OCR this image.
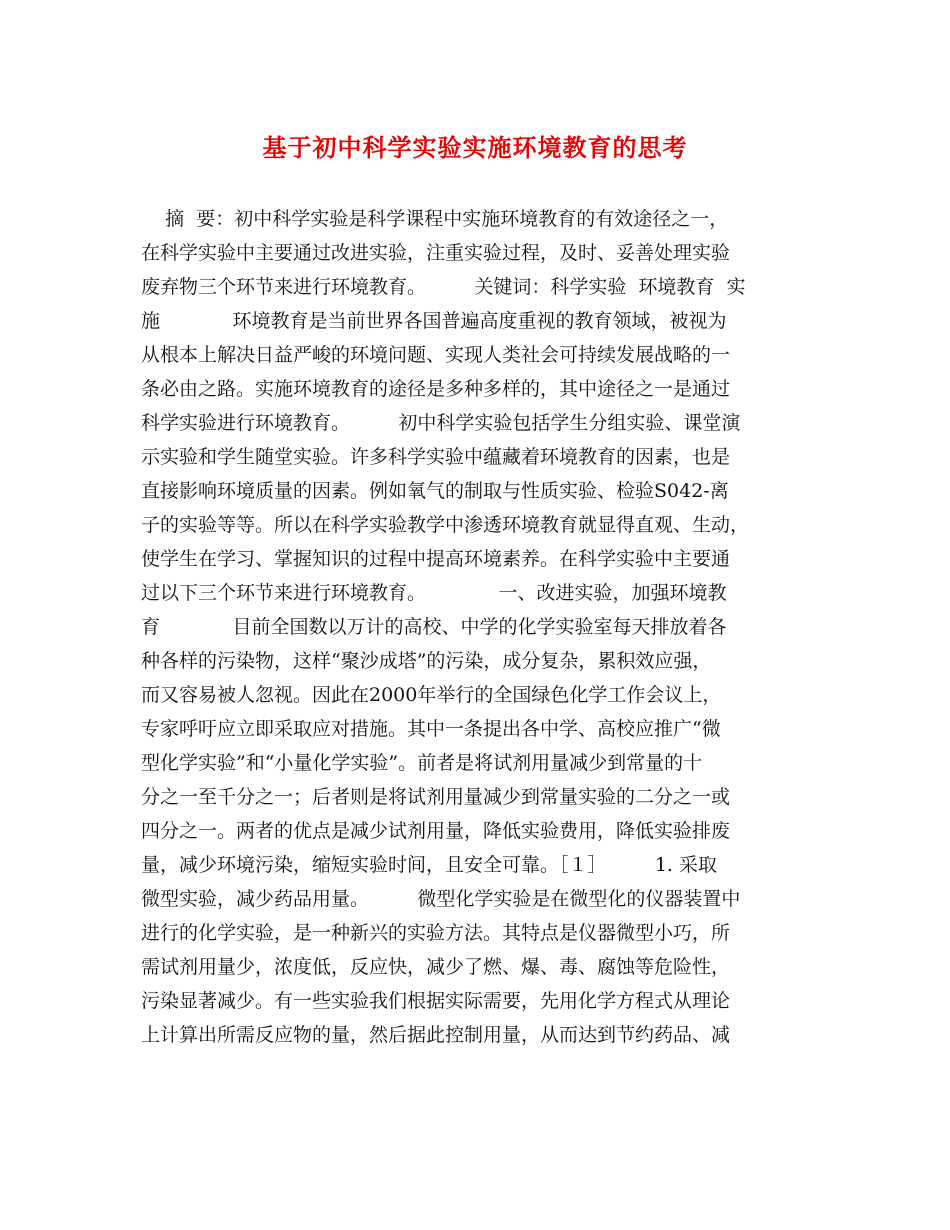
基于初中科学实验实施环境教育的思考
摘  要：初中科学实验是科学课程中实施环境教育的有效途径之一，
在科学实验中主要通过改进实验，注重实验过程，及时、妥善处理实验
废弃物三个环节来进行环境教育。        关键词：科学实验  环境教育  实
施            环境教育是当前世界各国普遍高度重视的教育领域，被视为
从根本上解决日益严峻的环境问题、实现人类社会可持续发展战略的一
条必由之路。实施环境教育的途径是多种多样的，其中途径之一是通过
科学实验进行环境教育。        初中科学实验包括学生分组实验、课堂演
示实验和学生随堂实验。许多科学实验中蕴藏着环境教育的因素，也是
直接影响环境质量的因素。例如氧气的制取与性质实验、检验S042-离
子的实验等等。所以在科学实验教学中渗透环境教育就显得直观、生动，
使学生在学习、掌握知识的过程中提高环境素养。在科学实验中主要通
过以下三个环节来进行环境教育。            一、改进实验，加强环境教
育            目前全国数以万计的高校、中学的化学实验室每天排放着各
种各样的污染物，这样“聚沙成塔”的污染，成分复杂，累积效应强，
而又容易被人忽视。因此在2000年举行的全国绿色化学工作会议上，
专家呼吁应立即采取应对措施。其中一条提出各中学、高校应推广“微
型化学实验”和“小量化学实验”。前者是将试剂用量减少到常量的十
分之一至千分之一；后者则是将试剂用量减少到常量实验的二分之一或
四分之一。两者的优点是减少试剂用量，降低实验费用，降低实验排废
量，减少环境污染，缩短实验时间，且安全可靠。［１］        1. 采取
微型实验，减少药品用量。        微型化学实验是在微型化的仪器装置中
进行的化学实验，是一种新兴的实验方法。其特点是仪器微型小巧，所
需试剂用量少，浓度低，反应快，减少了燃、爆、毒、腐蚀等危险性，
污染显著减少。有一些实验我们根据实际需要，先用化学方程式从理论
上计算出所需反应物的量，然后据此控制用量，从而达到节约药品、减
